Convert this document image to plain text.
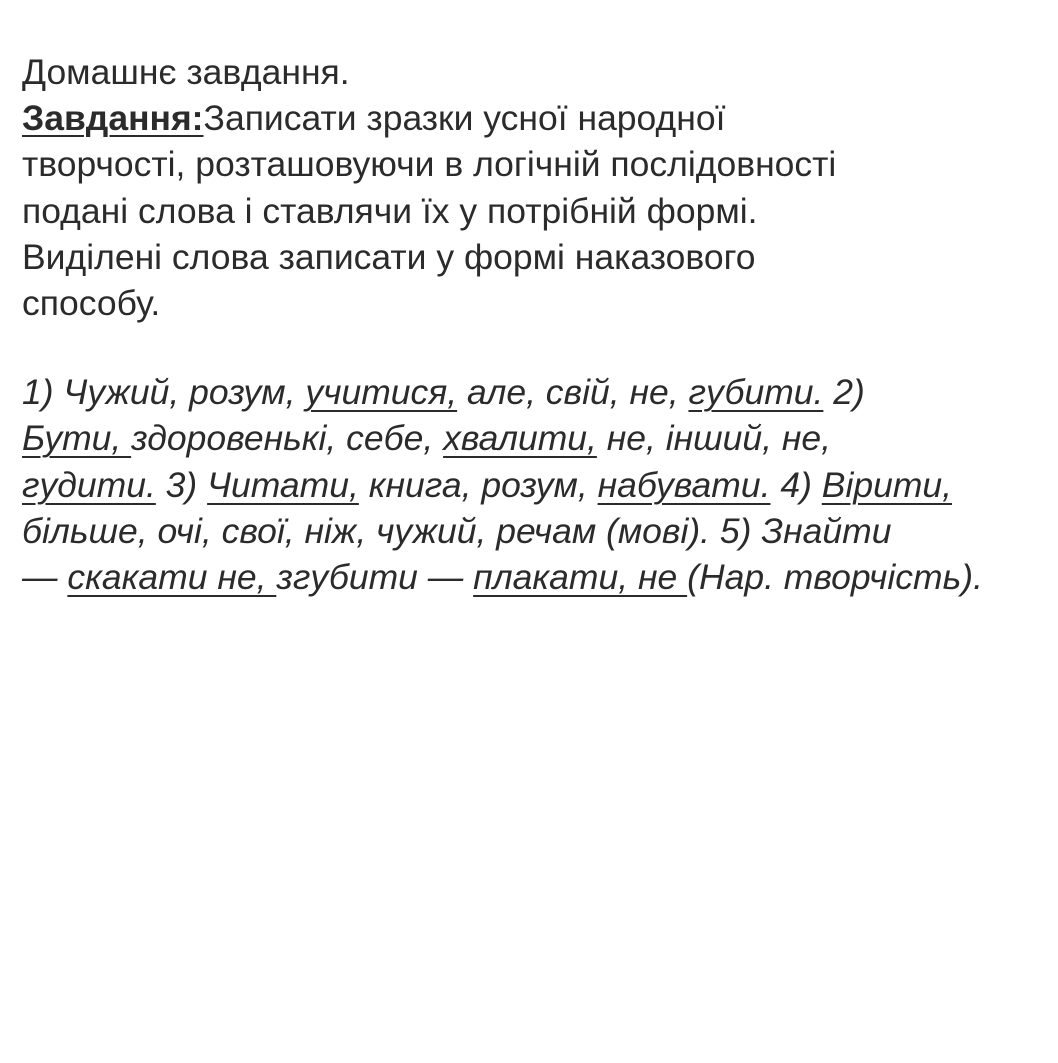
Домашнє завдання.
Завдання:Записати зразки усної народної
творчості, розташовуючи в логічній послідовності
подані слова і ставлячи їх у потрібній формі.
Виділені слова записати у формі наказового
способу.
1) Чужий, розум, учитися, але, свій, не, губити. 2)
Бути, здоровенькі, себе, хвалити, не, інший, не,
гудити. 3) Читати, книга, розум, набувати. 4) Вірити,
більше, очі, свої, ніж, чужий, речам (мові). 5) Знайти
— скакати не, згубити — плакати, не (Нар. творчість).
